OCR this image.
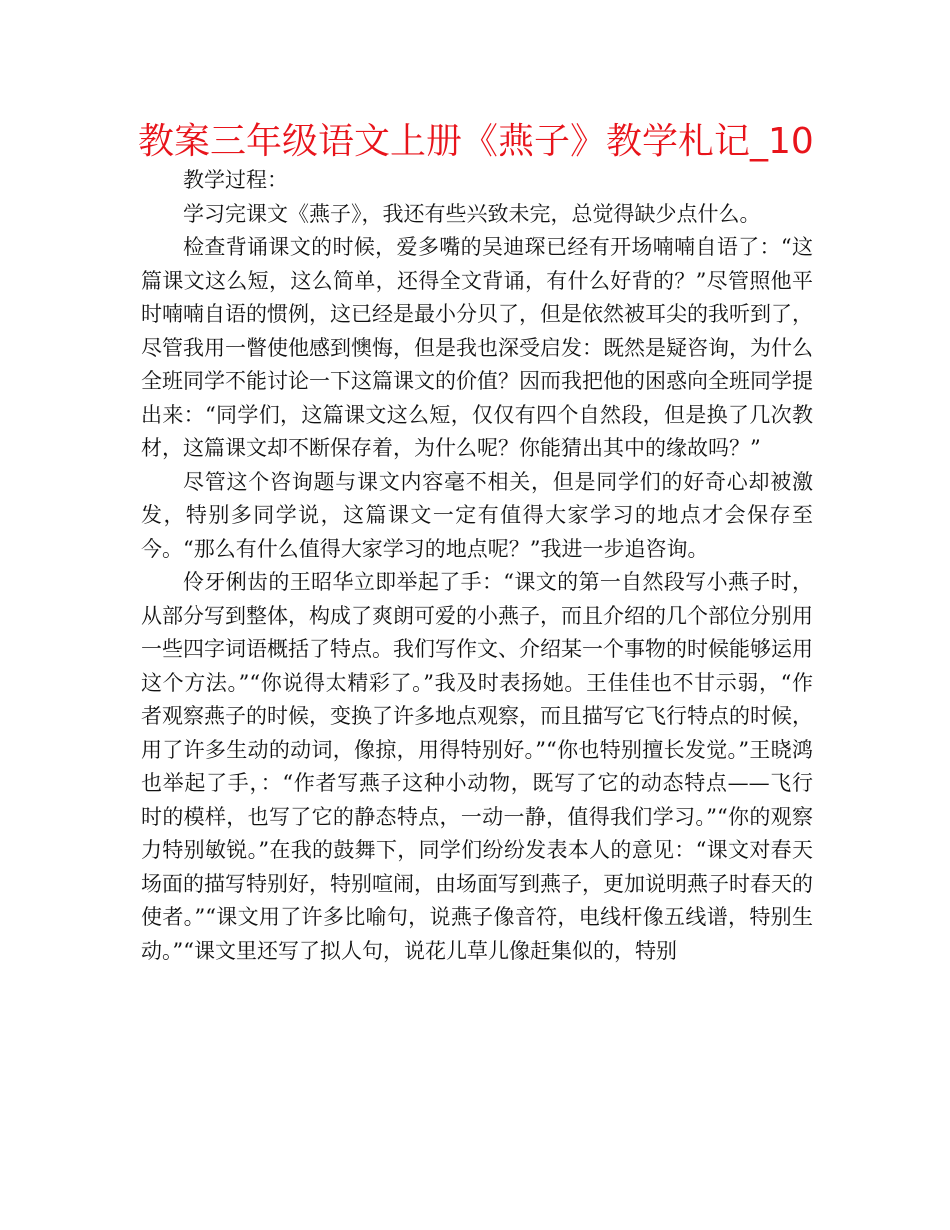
教案三年级语文上册《燕子》教学札记_10

教学过程：

学习完课文《燕子》，我还有些兴致未完，总觉得缺少点什么。

检查背诵课文的时候，爱多嘴的吴迪琛已经有开场喃喃自语了：“这篇课文这么短，这么简单，还得全文背诵，有什么好背的？”尽管照他平时喃喃自语的惯例，这已经是最小分贝了，但是依然被耳尖的我听到了，尽管我用一瞥使他感到懊悔，但是我也深受启发：既然是疑咨询，为什么全班同学不能讨论一下这篇课文的价值？因而我把他的困惑向全班同学提出来：“同学们，这篇课文这么短，仅仅有四个自然段，但是换了几次教材，这篇课文却不断保存着，为什么呢？你能猜出其中的缘故吗？”

尽管这个咨询题与课文内容毫不相关，但是同学们的好奇心却被激发，特别多同学说，这篇课文一定有值得大家学习的地点才会保存至今。“那么有什么值得大家学习的地点呢？”我进一步追咨询。

伶牙俐齿的王昭华立即举起了手：“课文的第一自然段写小燕子时，从部分写到整体，构成了爽朗可爱的小燕子，而且介绍的几个部位分别用一些四字词语概括了特点。我们写作文、介绍某一个事物的时候能够运用这个方法。”“你说得太精彩了。”我及时表扬她。王佳佳也不甘示弱，“作者观察燕子的时候，变换了许多地点观察，而且描写它飞行特点的时候，用了许多生动的动词，像掠，用得特别好。”“你也特别擅长发觉。”王晓鸿也举起了手，：“作者写燕子这种小动物，既写了它的动态特点——飞行时的模样，也写了它的静态特点，一动一静，值得我们学习。”“你的观察力特别敏锐。”在我的鼓舞下，同学们纷纷发表本人的意见：“课文对春天场面的描写特别好，特别喧闹，由场面写到燕子，更加说明燕子时春天的使者。”“课文用了许多比喻句，说燕子像音符，电线杆像五线谱，特别生动。”“课文里还写了拟人句，说花儿草儿像赶集似的，特别
